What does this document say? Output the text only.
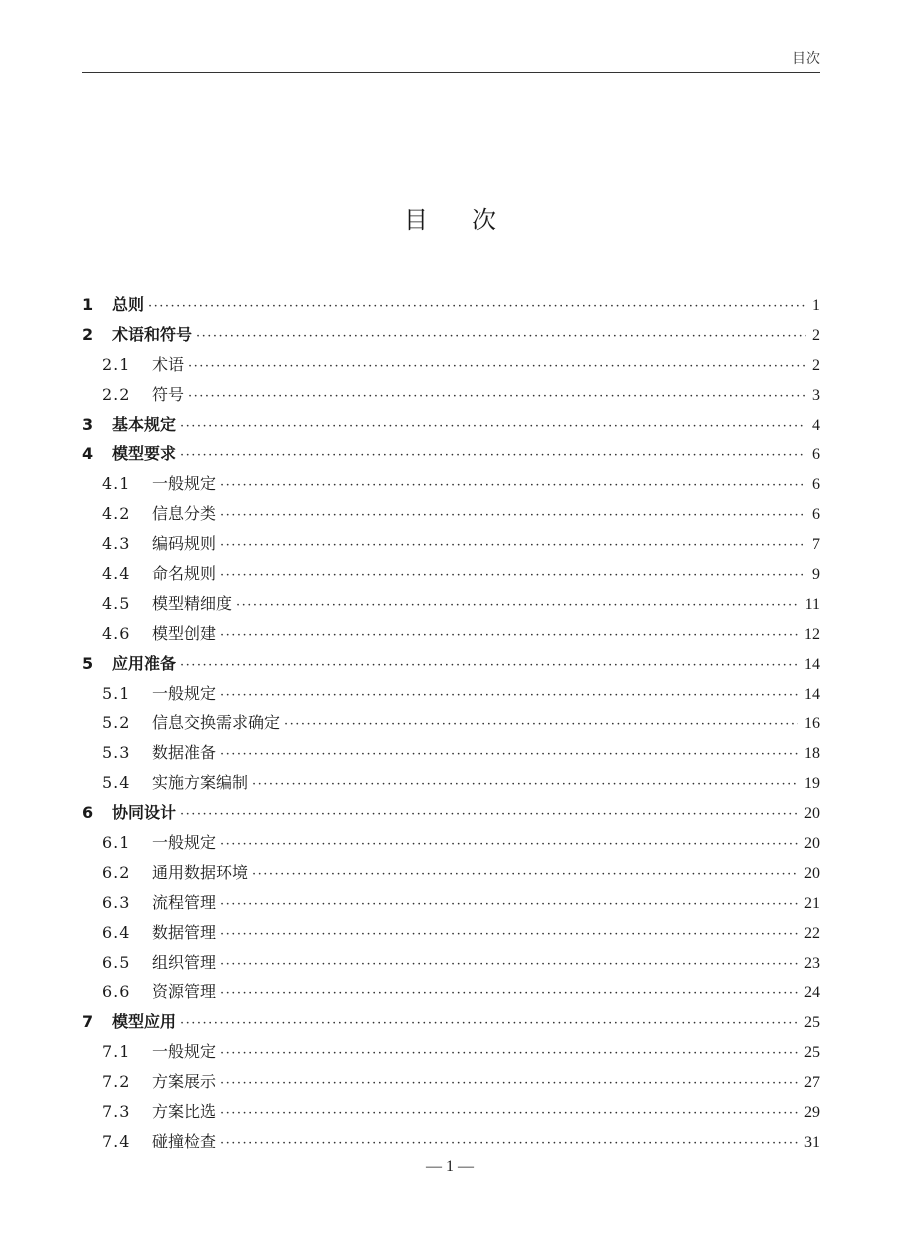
目次
目次
1	总则 ·····	1
2	术语和符号 ·····	2
2.1	术语 ·····	2
2.2	符号 ·····	3
3	基本规定 ·····	4
4	模型要求 ·····	6
4.1	一般规定 ·····	6
4.2	信息分类 ·····	6
4.3	编码规则 ·····	7
4.4	命名规则 ·····	9
4.5	模型精细度 ·····	11
4.6	模型创建 ·····	12
5	应用准备 ·····	14
5.1	一般规定 ·····	14
5.2	信息交换需求确定 ·····	16
5.3	数据准备 ·····	18
5.4	实施方案编制 ·····	19
6	协同设计 ·····	20
6.1	一般规定 ·····	20
6.2	通用数据环境 ·····	20
6.3	流程管理 ·····	21
6.4	数据管理 ·····	22
6.5	组织管理 ·····	23
6.6	资源管理 ·····	24
7	模型应用 ·····	25
7.1	一般规定 ·····	25
7.2	方案展示 ·····	27
7.3	方案比选 ·····	29
7.4	碰撞检查 ·····	31
— 1 —
